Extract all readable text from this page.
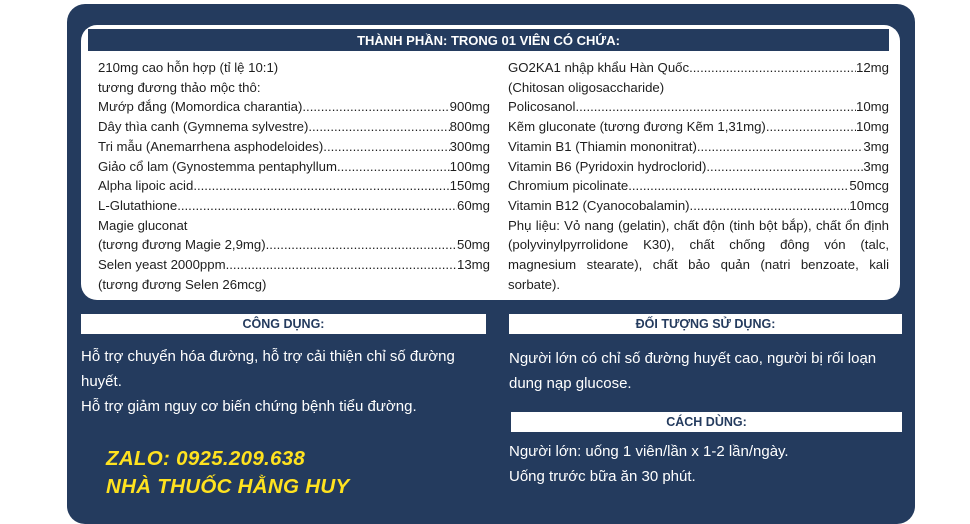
THÀNH PHẦN: TRONG 01 VIÊN CÓ CHỨA:
210mg cao hỗn hợp (tỉ lệ 10:1)
tương đương thảo mộc thô:
Mướp đắng (Momordica charantia) .....	900mg
Dây thìa canh (Gymnema sylvestre) .....	800mg
Tri mẫu (Anemarrhena asphodeloides) .....	300mg
Giảo cổ lam (Gynostemma pentaphyllum .....	100mg
Alpha lipoic acid .....	150mg
L-Glutathione .....	60mg
Magie gluconat
(tương đương Magie 2,9mg) .....	50mg
Selen yeast 2000ppm .....	13mg
(tương đương Selen 26mcg)
GO2KA1 nhập khẩu Hàn Quốc .....	12mg
(Chitosan oligosaccharide)
Policosanol .....	10mg
Kẽm gluconate (tương đương Kẽm 1,31mg) .....	10mg
Vitamin B1 (Thiamin mononitrat) .....	3mg
Vitamin B6 (Pyridoxin hydroclorid) .....	3mg
Chromium picolinate .....	50mcg
Vitamin B12 (Cyanocobalamin) .....	10mcg
Phụ liệu: Vỏ nang (gelatin), chất độn (tinh bột bắp), chất ổn định (polyvinylpyrrolidone K30), chất chống đông vón (talc, magnesium stearate), chất bảo quản (natri benzoate, kali sorbate).
CÔNG DỤNG:
Hỗ trợ chuyển hóa đường, hỗ trợ cải thiện chỉ số đường huyết.
Hỗ trợ giảm nguy cơ biến chứng bệnh tiểu đường.
ĐỐI TƯỢNG SỬ DỤNG:
Người lớn có chỉ số đường huyết cao, người bị rối loạn dung nạp glucose.
CÁCH DÙNG:
Người lớn: uống 1 viên/lần x 1-2 lần/ngày.
Uống trước bữa ăn 30 phút.
ZALO: 0925.209.638
NHÀ THUỐC HẰNG HUY
